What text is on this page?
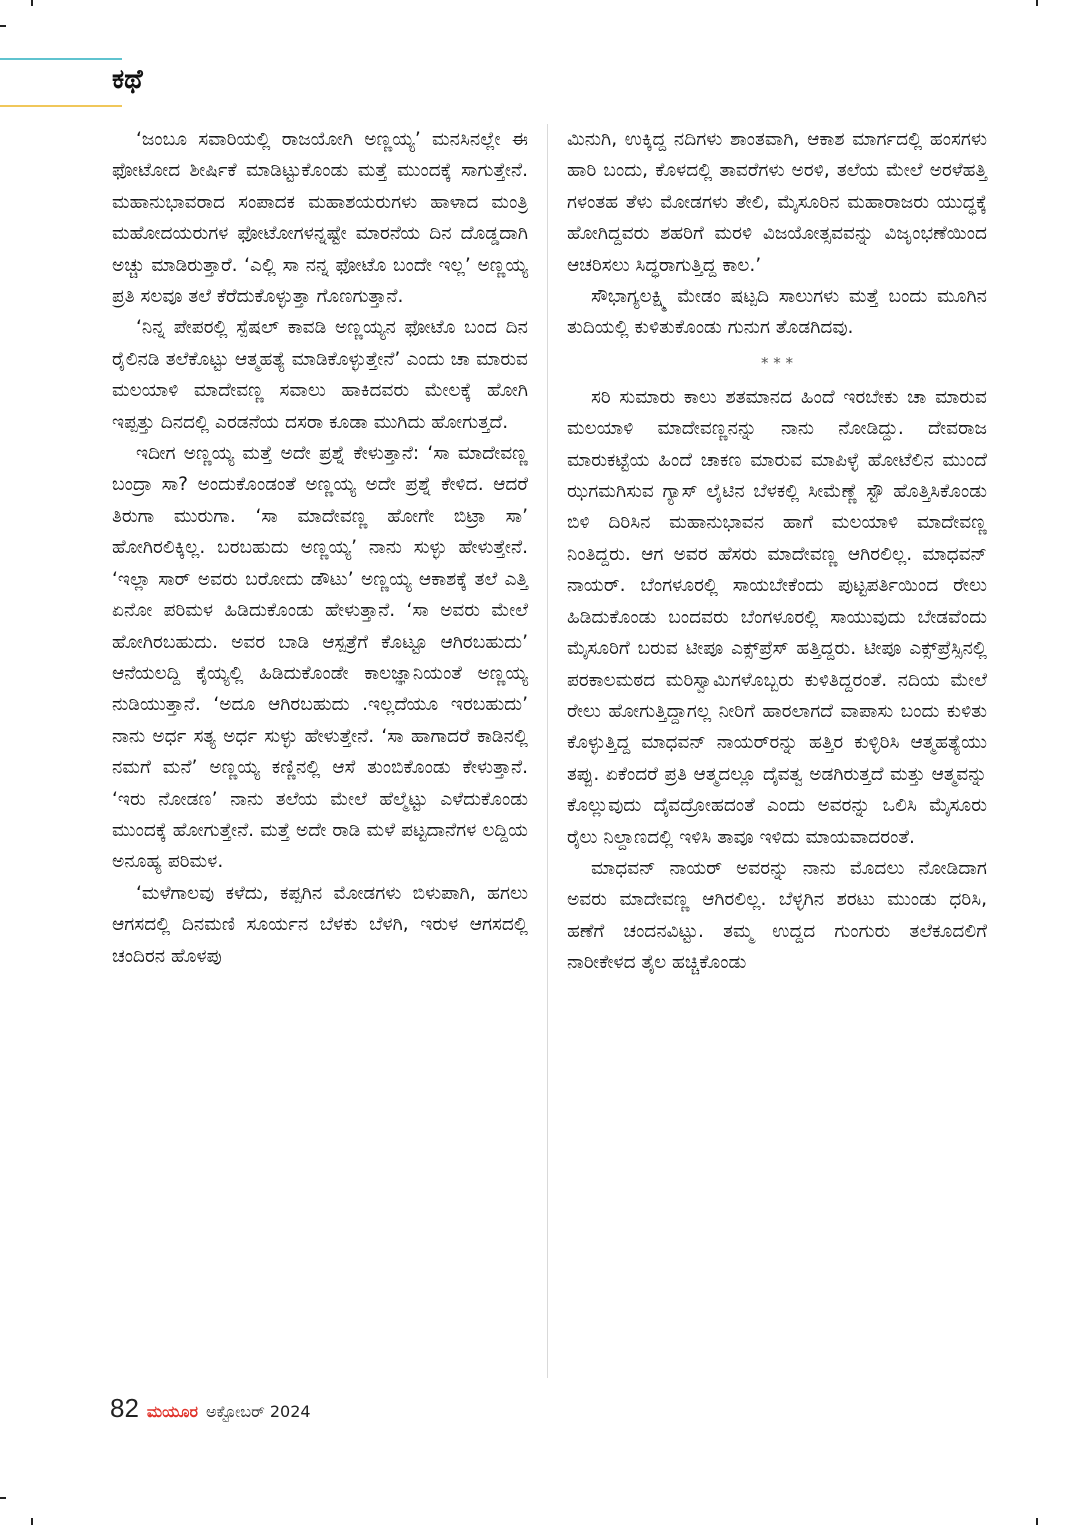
ಕಥೆ

‘ಜಂಬೂ ಸವಾರಿಯಲ್ಲಿ ರಾಜಯೋಗಿ ಅಣ್ಣಯ್ಯ’ ಮನಸಿನಲ್ಲೇ ಈ ಫೋಟೋದ ಶೀರ್ಷಿಕೆ ಮಾಡಿಟ್ಟುಕೊಂಡು ಮತ್ತೆ ಮುಂದಕ್ಕೆ ಸಾಗುತ್ತೇನೆ. ಮಹಾನುಭಾವರಾದ ಸಂಪಾದಕ ಮಹಾಶಯರುಗಳು ಹಾಳಾದ ಮಂತ್ರಿ ಮಹೋದಯರುಗಳ ಫೋಟೋಗಳನ್ನಷ್ಟೇ ಮಾರನೆಯ ದಿನ ದೊಡ್ಡದಾಗಿ ಅಚ್ಚು ಮಾಡಿರುತ್ತಾರೆ. ‘ಎಲ್ಲಿ ಸಾ ನನ್ನ ಫೋಟೊ ಬಂದೇ ಇಲ್ಲ’ ಅಣ್ಣಯ್ಯ ಪ್ರತಿ ಸಲವೂ ತಲೆ ಕೆರೆದುಕೊಳ್ಳುತ್ತಾ ಗೊಣಗುತ್ತಾನೆ.

‘ನಿನ್ನ ಪೇಪರಲ್ಲಿ ಸ್ಪೆಷಲ್ ಕಾವಡಿ ಅಣ್ಣಯ್ಯನ ಫೋಟೊ ಬಂದ ದಿನ ರೈಲಿನಡಿ ತಲೆಕೊಟ್ಟು ಆತ್ಮಹತ್ಯೆ ಮಾಡಿಕೊಳ್ಳುತ್ತೇನೆ’ ಎಂದು ಚಾ ಮಾರುವ ಮಲಯಾಳಿ ಮಾದೇವಣ್ಣ ಸವಾಲು ಹಾಕಿದವರು ಮೇಲಕ್ಕೆ ಹೋಗಿ ಇಪ್ಪತ್ತು ದಿನದಲ್ಲಿ ಎರಡನೆಯ ದಸರಾ ಕೂಡಾ ಮುಗಿದು ಹೋಗುತ್ತದೆ.

ಇದೀಗ ಅಣ್ಣಯ್ಯ ಮತ್ತೆ ಅದೇ ಪ್ರಶ್ನೆ ಕೇಳುತ್ತಾನೆ: ‘ಸಾ ಮಾದೇವಣ್ಣ ಬಂದ್ರಾ ಸಾ? ಅಂದುಕೊಂಡಂತೆ ಅಣ್ಣಯ್ಯ ಅದೇ ಪ್ರಶ್ನೆ ಕೇಳಿದ. ಆದರೆ ತಿರುಗಾ ಮುರುಗಾ. ‘ಸಾ ಮಾದೇವಣ್ಣ ಹೋಗೇ ಬಿಟ್ರಾ ಸಾ’ ಹೋಗಿರಲಿಕ್ಕಿಲ್ಲ. ಬರಬಹುದು ಅಣ್ಣಯ್ಯ’ ನಾನು ಸುಳ್ಳು ಹೇಳುತ್ತೇನೆ. ‘ಇಲ್ಲಾ ಸಾರ್ ಅವರು ಬರೋದು ಡೌಟು’ ಅಣ್ಣಯ್ಯ ಆಕಾಶಕ್ಕೆ ತಲೆ ಎತ್ತಿ ಏನೋ ಪರಿಮಳ ಹಿಡಿದುಕೊಂಡು ಹೇಳುತ್ತಾನೆ. ‘ಸಾ ಅವರು ಮೇಲೆ ಹೋಗಿರಬಹುದು. ಅವರ ಬಾಡಿ ಆಸ್ಪತ್ರೆಗೆ ಕೊಟ್ಟೂ ಆಗಿರಬಹುದು’ ಆನೆಯಲದ್ದಿ ಕೈಯ್ಯಲ್ಲಿ ಹಿಡಿದುಕೊಂಡೇ ಕಾಲಜ್ಞಾನಿಯಂತೆ ಅಣ್ಣಯ್ಯ ನುಡಿಯುತ್ತಾನೆ. ‘ಅದೂ ಆಗಿರಬಹುದು .ಇಲ್ಲದೆಯೂ ಇರಬಹುದು’ ನಾನು ಅರ್ಧ ಸತ್ಯ ಅರ್ಧ ಸುಳ್ಳು ಹೇಳುತ್ತೇನೆ. ‘ಸಾ ಹಾಗಾದರೆ ಕಾಡಿನಲ್ಲಿ ನಮಗೆ ಮನೆ’ ಅಣ್ಣಯ್ಯ ಕಣ್ಣಿನಲ್ಲಿ ಆಸೆ ತುಂಬಿಕೊಂಡು ಕೇಳುತ್ತಾನೆ. ‘ಇರು ನೋಡಣ’ ನಾನು ತಲೆಯ ಮೇಲೆ ಹೆಲ್ಮೆಟ್ಟು ಎಳೆದುಕೊಂಡು ಮುಂದಕ್ಕೆ ಹೋಗುತ್ತೇನೆ. ಮತ್ತೆ ಅದೇ ರಾಡಿ ಮಳೆ ಪಟ್ಟದಾನೆಗಳ ಲದ್ದಿಯ ಅನೂಹ್ಯ ಪರಿಮಳ.

‘ಮಳೆಗಾಲವು ಕಳೆದು, ಕಪ್ಪಗಿನ ಮೋಡಗಳು ಬಿಳುಪಾಗಿ, ಹಗಲು ಆಗಸದಲ್ಲಿ ದಿನಮಣಿ ಸೂರ್ಯನ ಬೆಳಕು ಬೆಳಗಿ, ಇರುಳ ಆಗಸದಲ್ಲಿ ಚಂದಿರನ ಹೊಳಪು

ಮಿನುಗಿ, ಉಕ್ಕಿದ್ದ ನದಿಗಳು ಶಾಂತವಾಗಿ, ಆಕಾಶ ಮಾರ್ಗದಲ್ಲಿ ಹಂಸಗಳು ಹಾರಿ ಬಂದು, ಕೊಳದಲ್ಲಿ ತಾವರೆಗಳು ಅರಳಿ, ತಲೆಯ ಮೇಲೆ ಅರಳೆಹತ್ತಿ ಗಳಂತಹ ತೆಳು ಮೋಡಗಳು ತೇಲಿ, ಮೈಸೂರಿನ ಮಹಾರಾಜರು ಯುದ್ಧಕ್ಕೆ ಹೋಗಿದ್ದವರು ಶಹರಿಗೆ ಮರಳಿ ವಿಜಯೋತ್ಸವವನ್ನು ವಿಜೃಂಭಣೆಯಿಂದ ಆಚರಿಸಲು ಸಿದ್ಧರಾಗುತ್ತಿದ್ದ ಕಾಲ.’

ಸೌಭಾಗ್ಯಲಕ್ಷ್ಮಿ ಮೇಡಂ ಷಟ್ಪದಿ ಸಾಲುಗಳು ಮತ್ತೆ ಬಂದು ಮೂಗಿನ ತುದಿಯಲ್ಲಿ ಕುಳಿತುಕೊಂಡು ಗುನುಗ ತೊಡಗಿದವು.

* * *

ಸರಿ ಸುಮಾರು ಕಾಲು ಶತಮಾನದ ಹಿಂದೆ ಇರಬೇಕು ಚಾ ಮಾರುವ ಮಲಯಾಳಿ ಮಾದೇವಣ್ಣನನ್ನು ನಾನು ನೋಡಿದ್ದು. ದೇವರಾಜ ಮಾರುಕಟ್ಟೆಯ ಹಿಂದೆ ಚಾಕಣ ಮಾರುವ ಮಾಪಿಳ್ಳೆ ಹೋಟೆಲಿನ ಮುಂದೆ ಝಗಮಗಿಸುವ ಗ್ಯಾಸ್ ಲೈಟಿನ ಬೆಳಕಲ್ಲಿ ಸೀಮೆಣ್ಣೆ ಸ್ಟೌ ಹೊತ್ತಿಸಿಕೊಂಡು ಬಿಳಿ ದಿರಿಸಿನ ಮಹಾನುಭಾವನ ಹಾಗೆ ಮಲಯಾಳಿ ಮಾದೇವಣ್ಣ ನಿಂತಿದ್ದರು. ಆಗ ಅವರ ಹೆಸರು ಮಾದೇವಣ್ಣ ಆಗಿರಲಿಲ್ಲ. ಮಾಧವನ್ ನಾಯರ್. ಬೆಂಗಳೂರಲ್ಲಿ ಸಾಯಬೇಕೆಂದು ಪುಟ್ಟಪರ್ತಿಯಿಂದ ರೇಲು ಹಿಡಿದುಕೊಂಡು ಬಂದವರು ಬೆಂಗಳೂರಲ್ಲಿ ಸಾಯುವುದು ಬೇಡವೆಂದು ಮೈಸೂರಿಗೆ ಬರುವ ಟೀಪೂ ಎಕ್ಸ್‌ಪ್ರೆಸ್ ಹತ್ತಿದ್ದರು. ಟೀಪೂ ಎಕ್ಸ್‌ಪ್ರೆಸ್ಸಿನಲ್ಲಿ ಪರಕಾಲಮಠದ ಮರಿಸ್ವಾಮಿಗಳೊಬ್ಬರು ಕುಳಿತಿದ್ದರಂತೆ. ನದಿಯ ಮೇಲೆ ರೇಲು ಹೋಗುತ್ತಿದ್ದಾಗಲ್ಲ ನೀರಿಗೆ ಹಾರಲಾಗದೆ ವಾಪಾಸು ಬಂದು ಕುಳಿತು ಕೊಳ್ಳುತ್ತಿದ್ದ ಮಾಧವನ್ ನಾಯರ್‌ರನ್ನು ಹತ್ತಿರ ಕುಳ್ಳಿರಿಸಿ ಆತ್ಮಹತ್ಯೆಯು ತಪ್ಪು. ಏಕೆಂದರೆ ಪ್ರತಿ ಆತ್ಮದಲ್ಲೂ ದೈವತ್ವ ಅಡಗಿರುತ್ತದೆ ಮತ್ತು ಆತ್ಮವನ್ನು ಕೊಲ್ಲುವುದು ದೈವದ್ರೋಹದಂತೆ ಎಂದು ಅವರನ್ನು ಒಲಿಸಿ ಮೈಸೂರು ರೈಲು ನಿಲ್ದಾಣದಲ್ಲಿ ಇಳಿಸಿ ತಾವೂ ಇಳಿದು ಮಾಯವಾದರಂತೆ.

ಮಾಧವನ್ ನಾಯರ್ ಅವರನ್ನು ನಾನು ಮೊದಲು ನೋಡಿದಾಗ ಅವರು ಮಾದೇವಣ್ಣ ಆಗಿರಲಿಲ್ಲ. ಬೆಳ್ಳಗಿನ ಶರಟು ಮುಂಡು ಧರಿಸಿ, ಹಣೆಗೆ ಚಂದನವಿಟ್ಟು. ತಮ್ಮ ಉದ್ದದ ಗುಂಗುರು ತಲೆಕೂದಲಿಗೆ ನಾರೀಕೇಳದ ತೈಲ ಹಚ್ಚಿಕೊಂಡು

82 ಮಯೂರ ಅಕ್ಟೋಬರ್ 2024
